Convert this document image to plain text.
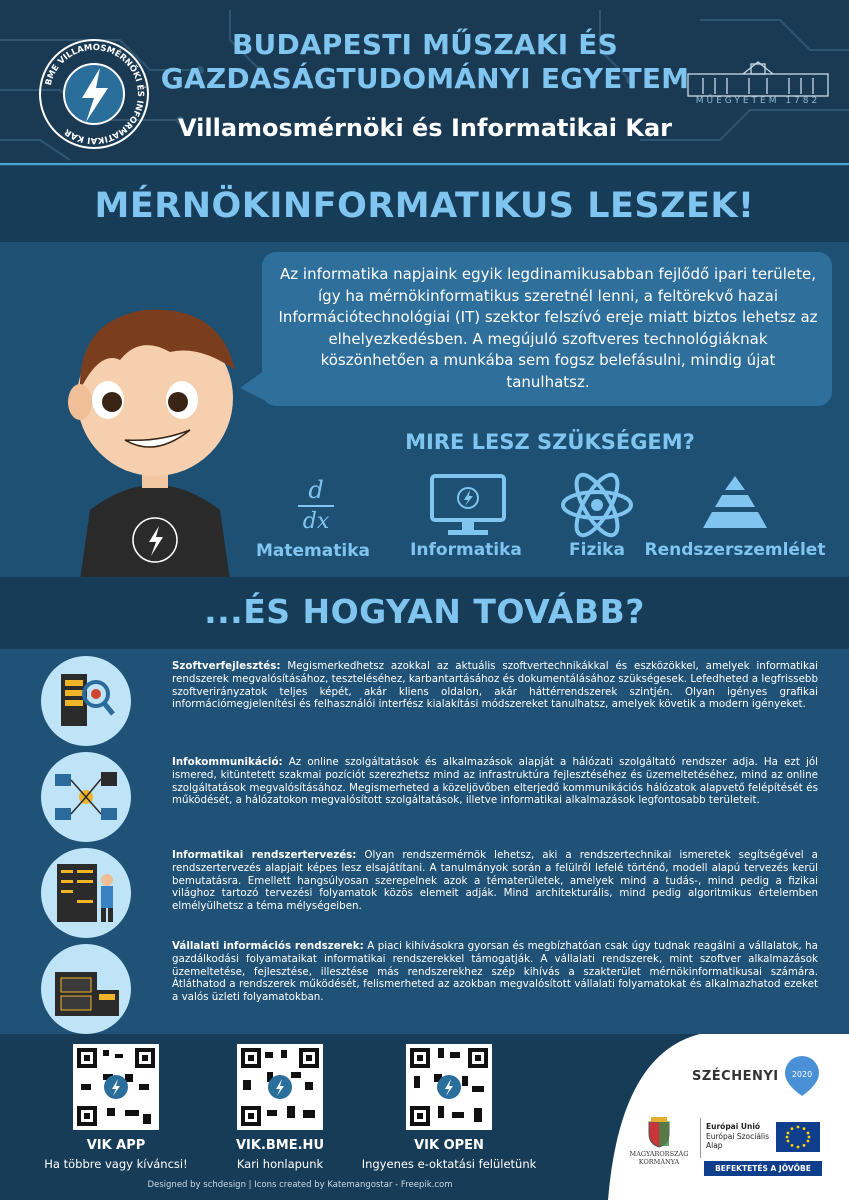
BME VILLAMOSMÉRNÖKI ÉS INFORMATIKAI KAR
BUDAPESTI MŰSZAKI ÉS
GAZDASÁGTUDOMÁNYI EGYETEM
Villamosmérnöki és Informatikai Kar
MŰEGYETEM 1782
MÉRNÖKINFORMATIKUS LESZEK!
Az informatika napjaink egyik legdinamikusabban fejlődő ipari területe, így ha mérnökinformatikus szeretnél lenni, a feltörekvő hazai Információtechnológiai (IT) szektor felszívó ereje miatt biztos lehetsz az elhelyezkedésben. A megújuló szoftveres technológiáknak köszönhetően a munkába sem fogsz belefásulni, mindig újat tanulhatsz.
MIRE LESZ SZÜKSÉGEM?
d
dx
Matematika	Informatika	Fizika	Rendszerszemlélet
...ÉS HOGYAN TOVÁBB?
Szoftverfejlesztés: Megismerkedhetsz azokkal az aktuális szoftvertechnikákkal és eszközökkel, amelyek informatikai rendszerek megvalósításához, teszteléséhez, karbantartásához és dokumentálásához szükségesek. Lefedheted a legfrissebb szoftverirányzatok teljes képét, akár kliens oldalon, akár háttérrendszerek szintjén. Olyan igényes grafikai információmegjelenítési és felhasználói interfész kialakítási módszereket tanulhatsz, amelyek követik a modern igényeket.
Infokommunikáció: Az online szolgáltatások és alkalmazások alapját a hálózati szolgáltató rendszer adja. Ha ezt jól ismered, kitüntetett szakmai pozíciót szerezhetsz mind az infrastruktúra fejlesztéséhez és üzemeltetéséhez, mind az online szolgáltatások megvalósításához. Megismerheted a közeljövőben elterjedő kommunikációs hálózatok alapvető felépítését és működését, a hálózatokon megvalósított szolgáltatások, illetve informatikai alkalmazások legfontosabb területeit.
Informatikai rendszertervezés: Olyan rendszermérnök lehetsz, aki a rendszertechnikai ismeretek segítségével a rendszertervezés alapjait képes lesz elsajátítani. A tanulmányok során a felülről lefelé történő, modell alapú tervezés kerül bemutatásra. Emellett hangsúlyosan szerepelnek azok a tématerületek, amelyek mind a tudás-, mind pedig a fizikai világhoz tartozó tervezési folyamatok közös elemeit adják. Mind architekturális, mind pedig algoritmikus értelemben elmélyülhetsz a téma mélységeiben.
Vállalati információs rendszerek: A piaci kihívásokra gyorsan és megbízhatóan csak úgy tudnak reagálni a vállalatok, ha gazdálkodási folyamataikat informatikai rendszerekkel támogatják. A vállalati rendszerek, mint szoftver alkalmazások üzemeltetése, fejlesztése, illesztése más rendszerekhez szép kihívás a szakterület mérnökinformatikusai számára. Átláthatod a rendszerek működését, felismerheted az azokban megvalósított vállalati folyamatokat és alkalmazhatod ezeket a valós üzleti folyamatokban.
VIK APP
Ha többre vagy kíváncsi!
VIK.BME.HU
Kari honlapunk
VIK OPEN
Ingyenes e-oktatási felületünk
Designed by schdesign | Icons created by Katemangostar - Freepik.com
SZÉCHENYI 2020
MAGYARORSZÁG
KORMÁNYA
Európai Unió
Európai Szociális
Alap
BEFEKTETÉS A JÖVŐBE
